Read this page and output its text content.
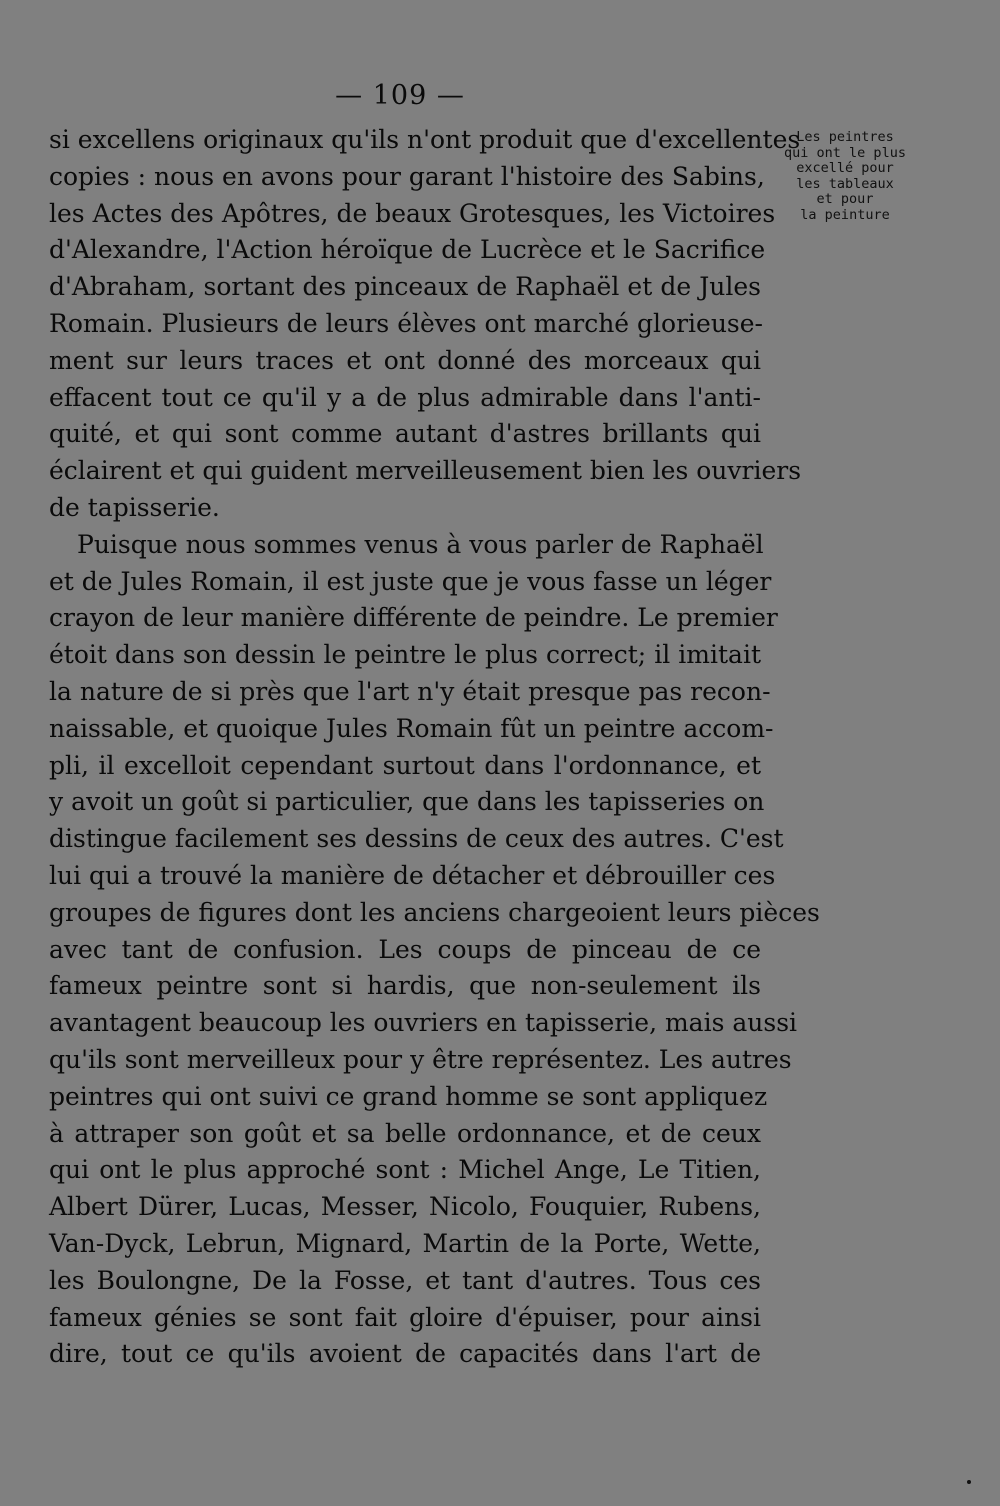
— 109 —
Les peintres
qui ont le plus
excellé pour
les tableaux
et pour
la peinture
si excellens originaux qu'ils n'ont produit que d'excellentes
copies : nous en avons pour garant l'histoire des Sabins,
les Actes des Apôtres, de beaux Grotesques, les Victoires
d'Alexandre, l'Action héroïque de Lucrèce et le Sacrifice
d'Abraham, sortant des pinceaux de Raphaël et de Jules
Romain. Plusieurs de leurs élèves ont marché glorieuse-
ment sur leurs traces et ont donné des morceaux qui
effacent tout ce qu'il y a de plus admirable dans l'anti-
quité, et qui sont comme autant d'astres brillants qui
éclairent et qui guident merveilleusement bien les ouvriers
de tapisserie.
Puisque nous sommes venus à vous parler de Raphaël
et de Jules Romain, il est juste que je vous fasse un léger
crayon de leur manière différente de peindre. Le premier
étoit dans son dessin le peintre le plus correct; il imitait
la nature de si près que l'art n'y était presque pas recon-
naissable, et quoique Jules Romain fût un peintre accom-
pli, il excelloit cependant surtout dans l'ordonnance, et
y avoit un goût si particulier, que dans les tapisseries on
distingue facilement ses dessins de ceux des autres. C'est
lui qui a trouvé la manière de détacher et débrouiller ces
groupes de figures dont les anciens chargeoient leurs pièces
avec tant de confusion. Les coups de pinceau de ce
fameux peintre sont si hardis, que non-seulement ils
avantagent beaucoup les ouvriers en tapisserie, mais aussi
qu'ils sont merveilleux pour y être représentez. Les autres
peintres qui ont suivi ce grand homme se sont appliquez
à attraper son goût et sa belle ordonnance, et de ceux
qui ont le plus approché sont : Michel Ange, Le Titien,
Albert Dürer, Lucas, Messer, Nicolo, Fouquier, Rubens,
Van-Dyck, Lebrun, Mignard, Martin de la Porte, Wette,
les Boulongne, De la Fosse, et tant d'autres. Tous ces
fameux génies se sont fait gloire d'épuiser, pour ainsi
dire, tout ce qu'ils avoient de capacités dans l'art de
